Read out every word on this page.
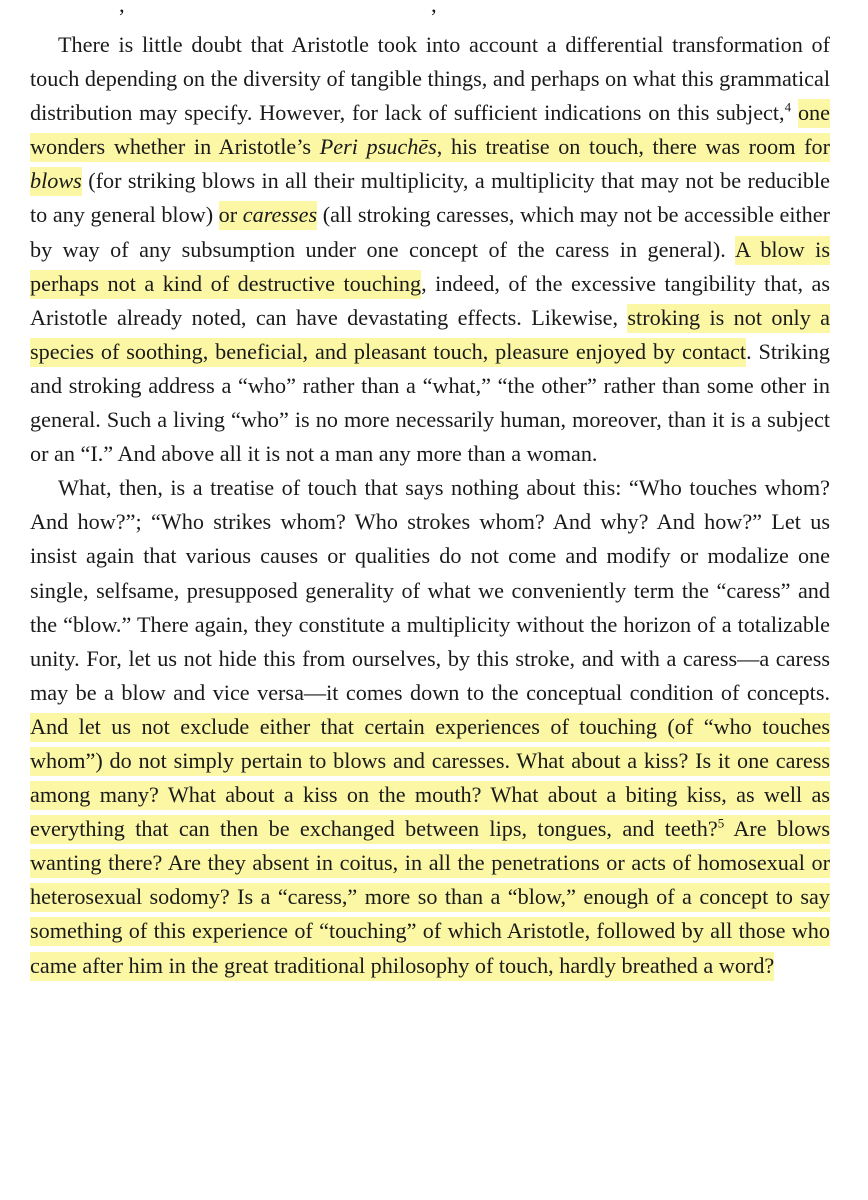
’	’

There is little doubt that Aristotle took into account a differential transformation of touch depending on the diversity of tangible things, and perhaps on what this grammatical distribution may specify. However, for lack of sufficient indications on this subject,$^4$ one wonders whether in Aristotle’s Peri psuchēs, his treatise on touch, there was room for blows (for striking blows in all their multiplicity, a multiplicity that may not be reducible to any general blow) or caresses (all stroking caresses, which may not be accessible either by way of any subsumption under one concept of the caress in general). A blow is perhaps not a kind of destructive touching, indeed, of the excessive tangibility that, as Aristotle already noted, can have devastating effects. Likewise, stroking is not only a species of soothing, beneficial, and pleasant touch, pleasure enjoyed by contact. Striking and stroking address a “who” rather than a “what,” “the other” rather than some other in general. Such a living “who” is no more necessarily human, moreover, than it is a subject or an “I.” And above all it is not a man any more than a woman.

What, then, is a treatise of touch that says nothing about this: “Who touches whom? And how?”; “Who strikes whom? Who strokes whom? And why? And how?” Let us insist again that various causes or qualities do not come and modify or modalize one single, selfsame, presupposed generality of what we conveniently term the “caress” and the “blow.” There again, they constitute a multiplicity without the horizon of a totalizable unity. For, let us not hide this from ourselves, by this stroke, and with a caress—a caress may be a blow and vice versa—it comes down to the conceptual condition of concepts. And let us not exclude either that certain experiences of touching (of “who touches whom”) do not simply pertain to blows and caresses. What about a kiss? Is it one caress among many? What about a kiss on the mouth? What about a biting kiss, as well as everything that can then be exchanged between lips, tongues, and teeth?$^5$ Are blows wanting there? Are they absent in coitus, in all the penetrations or acts of homosexual or heterosexual sodomy? Is a “caress,” more so than a “blow,” enough of a concept to say something of this experience of “touching” of which Aristotle, followed by all those who came after him in the great traditional philosophy of touch, hardly breathed a word?
